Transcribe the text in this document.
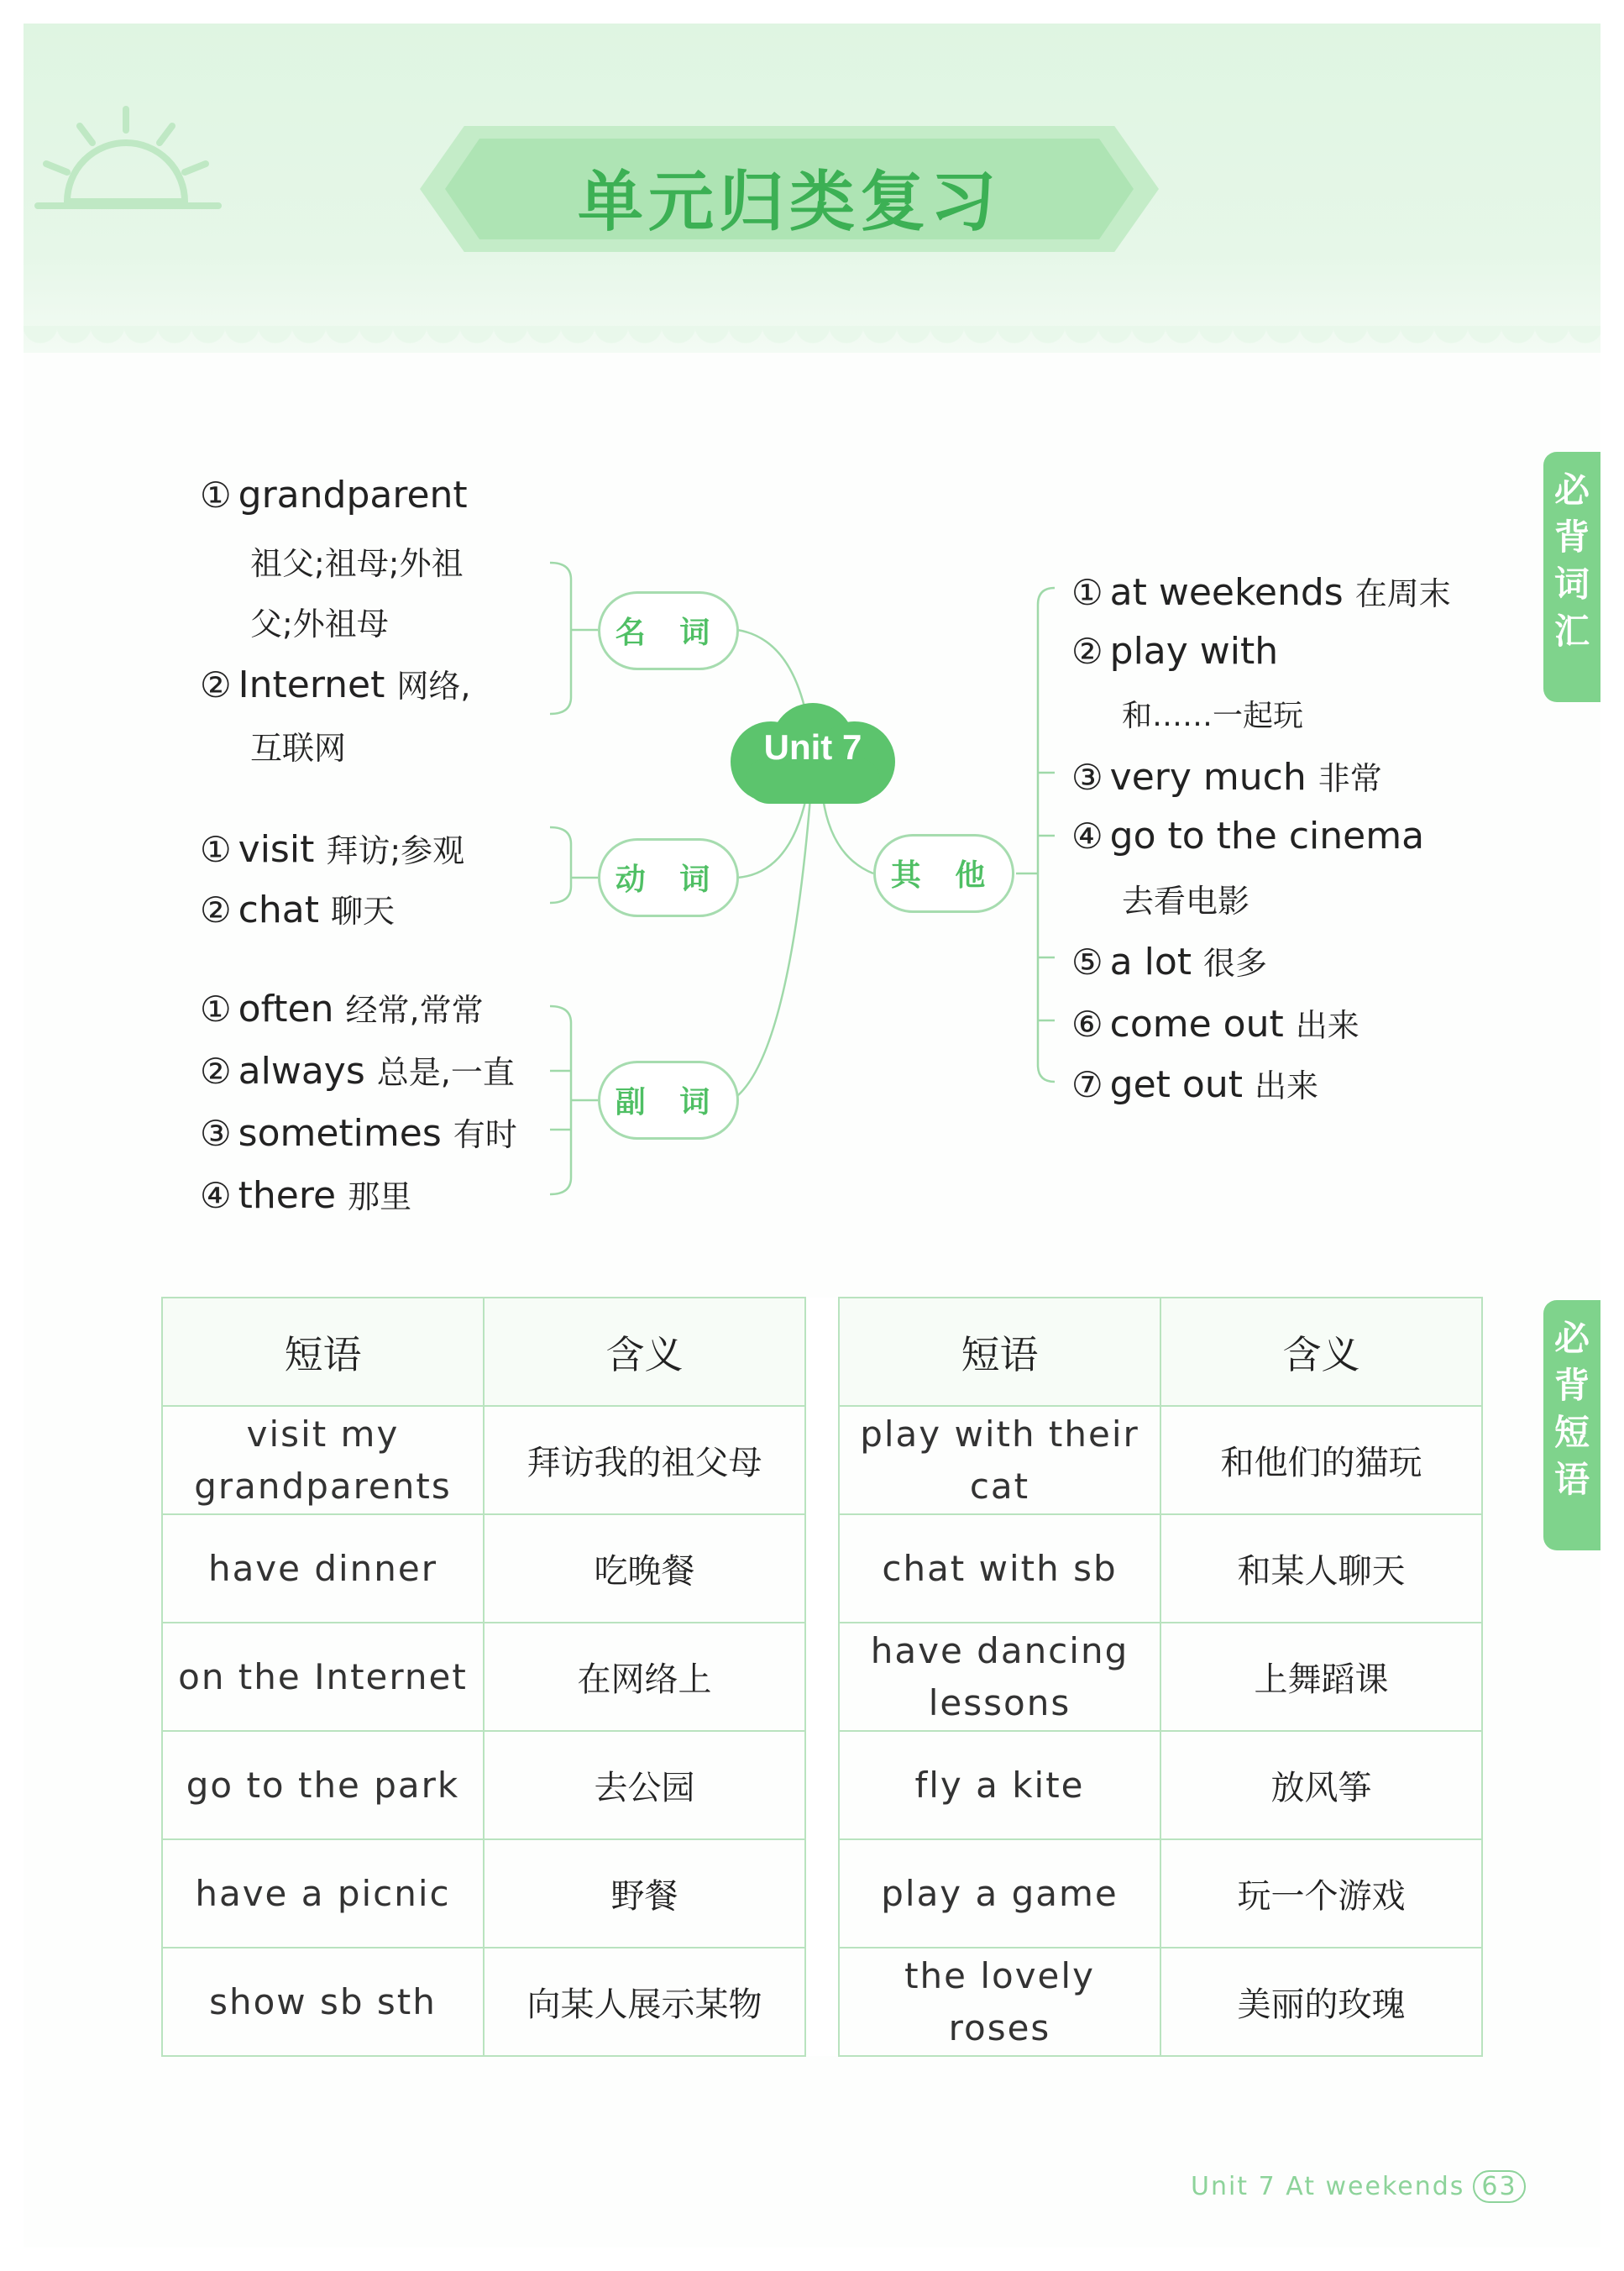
单元归类复习
必
背
词
汇
必
背
短
语
Unit 7
名 词
动 词
副 词
其 他
① grandparent
祖父;祖母;外祖
父;外祖母
② Internet 网络,
互联网
① visit 拜访;参观
② chat 聊天
① often 经常,常常
② always 总是,一直
③ sometimes 有时
④ there 那里
① at weekends 在周末
② play with
和……一起玩
③ very much 非常
④ go to the cinema
去看电影
⑤ a lot 很多
⑥ come out 出来
⑦ get out 出来
短语	含义		短语	含义
visit my grandparents	拜访我的祖父母		play with their cat	和他们的猫玩
have dinner	吃晚餐		chat with sb	和某人聊天
on the Internet	在网络上		have dancing lessons	上舞蹈课
go to the park	去公园		fly a kite	放风筝
have a picnic	野餐		play a game	玩一个游戏
show sb sth	向某人展示某物		the lovely roses	美丽的玫瑰
Unit 7 At weekends 63
